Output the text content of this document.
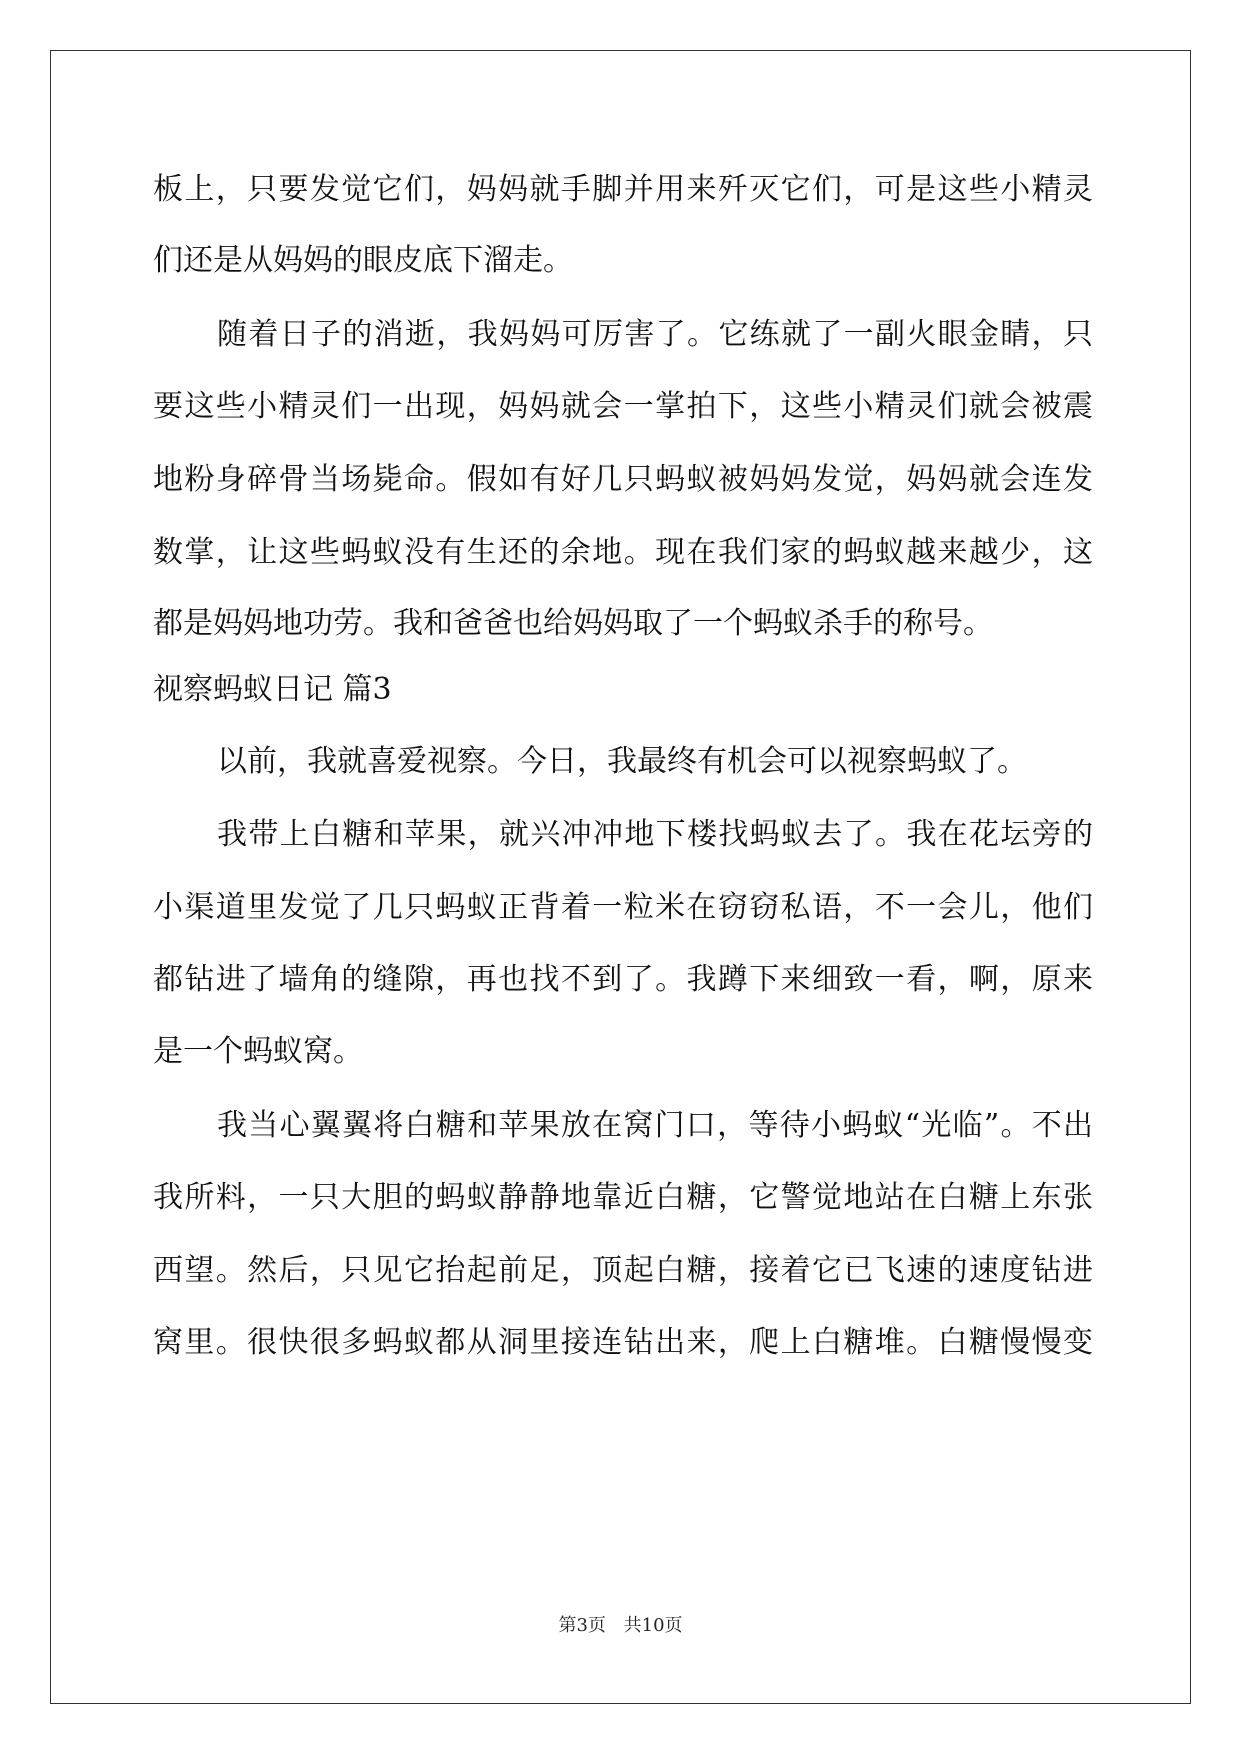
板上，只要发觉它们，妈妈就手脚并用来歼灭它们，可是这些小精灵
们还是从妈妈的眼皮底下溜走。
随着日子的消逝，我妈妈可厉害了。它练就了一副火眼金睛，只
要这些小精灵们一出现，妈妈就会一掌拍下，这些小精灵们就会被震
地粉身碎骨当场毙命。假如有好几只蚂蚁被妈妈发觉，妈妈就会连发
数掌，让这些蚂蚁没有生还的余地。现在我们家的蚂蚁越来越少，这
都是妈妈地功劳。我和爸爸也给妈妈取了一个蚂蚁杀手的称号。
视察蚂蚁日记 篇3
以前，我就喜爱视察。今日，我最终有机会可以视察蚂蚁了。
我带上白糖和苹果，就兴冲冲地下楼找蚂蚁去了。我在花坛旁的
小渠道里发觉了几只蚂蚁正背着一粒米在窃窃私语，不一会儿，他们
都钻进了墙角的缝隙，再也找不到了。我蹲下来细致一看，啊，原来
是一个蚂蚁窝。
我当心翼翼将白糖和苹果放在窝门口，等待小蚂蚁“光临”。不出
我所料，一只大胆的蚂蚁静静地靠近白糖，它警觉地站在白糖上东张
西望。然后，只见它抬起前足，顶起白糖，接着它已飞速的速度钻进
窝里。很快很多蚂蚁都从洞里接连钻出来，爬上白糖堆。白糖慢慢变
第3页 共10页
